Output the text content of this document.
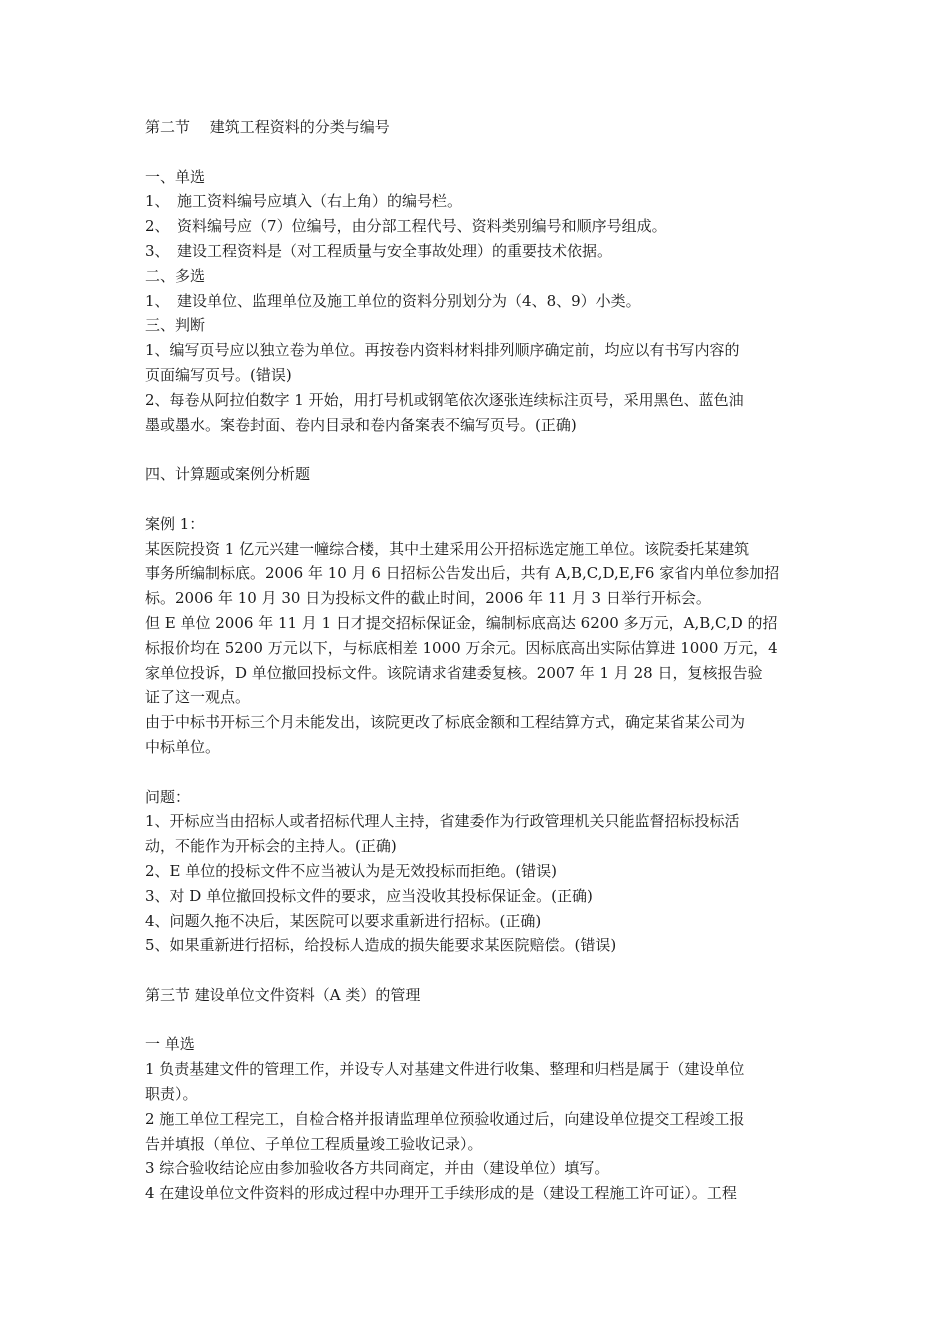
第二节　 建筑工程资料的分类与编号
一、单选
1、　施工资料编号应填入（右上角）的编号栏。
2、　资料编号应（7）位编号，由分部工程代号、资料类别编号和顺序号组成。
3、　建设工程资料是（对工程质量与安全事故处理）的重要技术依据。
二、多选
1、　建设单位、监理单位及施工单位的资料分别划分为（4、8、9）小类。
三、判断
1、编写页号应以独立卷为单位。再按卷内资料材料排列顺序确定前，均应以有书写内容的
页面编写页号。(错误)
2、每卷从阿拉伯数字 1 开始，用打号机或钢笔依次逐张连续标注页号，采用黑色、蓝色油
墨或墨水。案卷封面、卷内目录和卷内备案表不编写页号。(正确)
四、计算题或案例分析题
案例 1：
某医院投资 1 亿元兴建一幢综合楼，其中土建采用公开招标选定施工单位。该院委托某建筑
事务所编制标底。2006 年 10 月 6 日招标公告发出后，共有 A,B,C,D,E,F6 家省内单位参加招
标。2006 年 10 月 30 日为投标文件的截止时间，2006 年 11 月 3 日举行开标会。
但 E 单位 2006 年 11 月 1 日才提交招标保证金，编制标底高达 6200 多万元，A,B,C,D 的招
标报价均在 5200 万元以下，与标底相差 1000 万余元。因标底高出实际估算进 1000 万元，4
家单位投诉，D 单位撤回投标文件。该院请求省建委复核。2007 年 1 月 28 日，复核报告验
证了这一观点。
由于中标书开标三个月未能发出，该院更改了标底金额和工程结算方式，确定某省某公司为
中标单位。
问题：
1、开标应当由招标人或者招标代理人主持，省建委作为行政管理机关只能监督招标投标活
动，不能作为开标会的主持人。(正确)
2、E 单位的投标文件不应当被认为是无效投标而拒绝。(错误)
3、对 D 单位撤回投标文件的要求，应当没收其投标保证金。(正确)
4、问题久拖不决后，某医院可以要求重新进行招标。(正确)
5、如果重新进行招标，给投标人造成的损失能要求某医院赔偿。(错误)
第三节 建设单位文件资料（A 类）的管理
一 单选
1 负责基建文件的管理工作，并设专人对基建文件进行收集、整理和归档是属于（建设单位
职责）。
2 施工单位工程完工，自检合格并报请监理单位预验收通过后，向建设单位提交工程竣工报
告并填报（单位、子单位工程质量竣工验收记录）。
3 综合验收结论应由参加验收各方共同商定，并由（建设单位）填写。
4 在建设单位文件资料的形成过程中办理开工手续形成的是（建设工程施工许可证）。工程
